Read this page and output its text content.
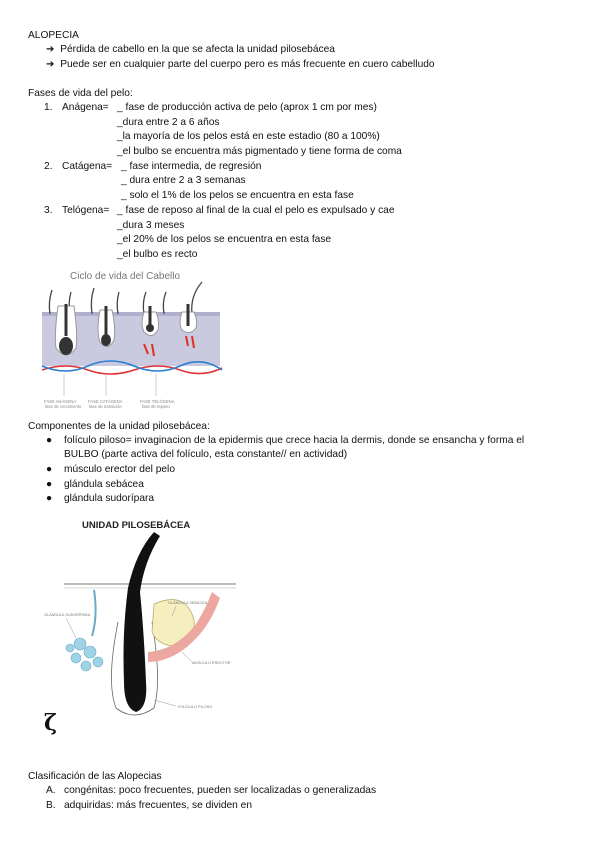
ALOPECIA
➔ Pérdida de cabello en la que se afecta la unidad pilosebácea
➔ Puede ser en cualquier parte del cuerpo pero es más frecuente en cuero cabelludo
Fases de vida del pelo:
1. Anágena= _ fase de producción activa de pelo (aprox 1 cm por mes)
_dura entre 2 a 6 años
_la mayoría de los pelos está en este estadio (80 a 100%)
_el bulbo se encuentra más pigmentado y tiene forma de coma
2. Catágena= _ fase intermedia, de regresión
_ dura entre 2 a 3 semanas
_ solo el 1% de los pelos se encuentra en esta fase
3. Telógena= _ fase de reposo al final de la cual el pelo es expulsado y cae
_dura 3 meses
_el 20% de los pelos se encuentra en esta fase
_el bulbo es recto
Ciclo de vida del Cabello
FASE ANÁGENA	FASE CATÁGENA	FASE TELÓGENA
fase de crecimiento fase de transición	fase de reposo
Componentes de la unidad pilosebácea:
● folículo piloso= invaginacion de la epidermis que crece hacia la dermis, donde se ensancha y forma el
BULBO (parte activa del folículo, esta constante// en actividad)
● músculo erector del pelo
● glándula sebácea
● glándula sudorípara
UNIDAD PILOSEBÁCEA
GLÁNDULA SUDORÍPARA
GLÁNDULA SEBÁCEA
MÚSCULO ERECTOR
FOLÍCULO PILOSO
ζ
Clasificación de las Alopecias
A. congénitas: poco frecuentes, pueden ser localizadas o generalizadas
B. adquiridas: más frecuentes, se dividen en
